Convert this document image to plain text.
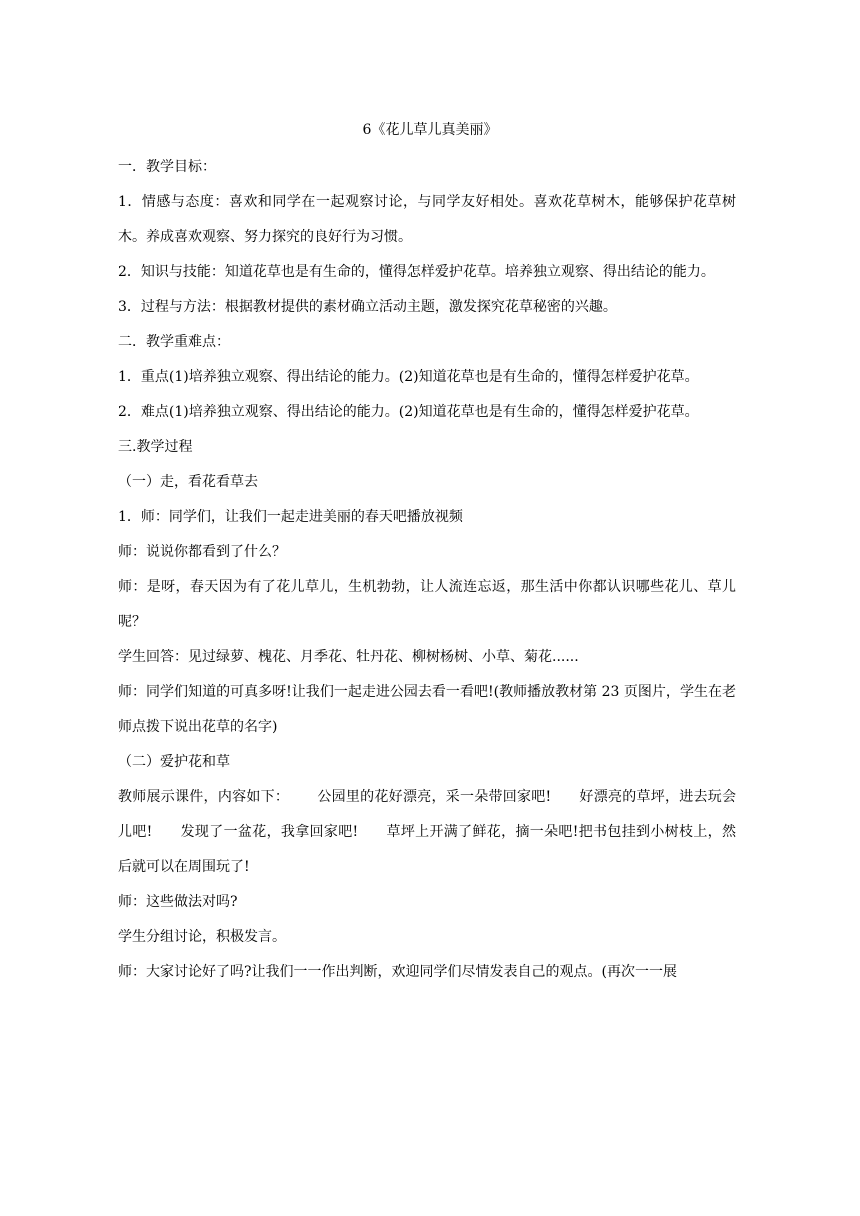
6《花儿草儿真美丽》

一．教学目标：

1．情感与态度：喜欢和同学在一起观察讨论，与同学友好相处。喜欢花草树木，能够保护花草树木。养成喜欢观察、努力探究的良好行为习惯。

2．知识与技能：知道花草也是有生命的，懂得怎样爱护花草。培养独立观察、得出结论的能力。

3．过程与方法：根据教材提供的素材确立活动主题，激发探究花草秘密的兴趣。

二．教学重难点：

1．重点(1)培养独立观察、得出结论的能力。(2)知道花草也是有生命的，懂得怎样爱护花草。

2．难点(1)培养独立观察、得出结论的能力。(2)知道花草也是有生命的，懂得怎样爱护花草。

三.教学过程

（一）走，看花看草去

1．师：同学们，让我们一起走进美丽的春天吧播放视频

师：说说你都看到了什么？

师：是呀，春天因为有了花儿草儿，生机勃勃，让人流连忘返，那生活中你都认识哪些花儿、草儿呢？

学生回答：见过绿萝、槐花、月季花、牡丹花、柳树杨树、小草、菊花......

师：同学们知道的可真多呀!让我们一起走进公园去看一看吧!(教师播放教材第 23 页图片，学生在老师点拨下说出花草的名字)

（二）爱护花和草

教师展示课件，内容如下： 公园里的花好漂亮，采一朵带回家吧! 好漂亮的草坪，进去玩会儿吧! 发现了一盆花，我拿回家吧! 草坪上开满了鲜花，摘一朵吧!把书包挂到小树枝上，然后就可以在周围玩了!

师：这些做法对吗?

学生分组讨论，积极发言。

师：大家讨论好了吗?让我们一一作出判断，欢迎同学们尽情发表自己的观点。(再次一一展
